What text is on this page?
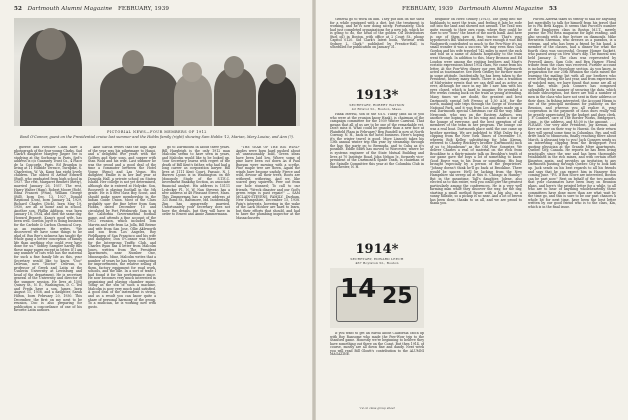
52 Dartmouth Alumni Magazine FEBRUARY, 1939
PICTORIAL NEWS—FOUR MEMBERS OF 1912
Basil O'Connor, guest on the Presidential cruise last summer and the Hobbs family (right) showing Sam Hobbs '12, Marian, Mary Louise, and Ann (?).

guerite and Fletcher Clark have a photograph of the four young Clarks. Sad Clark's daughter Margery Jasper Yee is studying at the Sorbonne in Paris. Sed's address is c/o Guaranty Trust Co., 4 Place de la Concorde, Paris. Ed Bragdon is living at 11 Hillside Terrace, Turnpike, S. Charleston, W. Va. Kang has eight lovely children. The oldest is Arthur Edward (Bud), who graduated from high school in 1937. The rest, Margaret Bennett (Betty), married January 26, 1937. The rest, Harry Walter (Ham), Robert Moore (Bob), Edna Frances (Fran), William George (Bill), born Dec. 13, 1927, Donald Raymond (Don), born January 14, 1929, Richard Charles (Dick), born May 19, 1930, are all at home and in school. Another son, Phillip Addison, was born January 18, 1934, and died the same day. Howard Bennett, Kang's good wife, has been well. Gordon Joyce is doing business for the Carbide & Carbon Chemical Corp. as an engineer. He writes, "We discovered we have some things to be glad of. Bus Bee's sickness has taught the whole gang a better conception of family life than anything else could ever have done for us." Sidney Sampler hardly fills these many pages except in letter. If I am any number of cats who has the material for such a fine family life as this, your Secretary would like to know. "Doc" Delevan, now "Doctor" Delevan, is professor of Greek and Latin at the Cushwin University at Lewisburg and head of the department. He is secretary general of the University and director of the summer session. He lives at 1505 Quincy St., N. E., Washington, D. C. Ted and Freda have a son, James, born August 11, 1938, and a daughter, Sarah Hilton, born February 20, 1930. This December, the first on my next to be reunion, Doc is also preparing for publication a concordance of one of his favorite Latin authors.

Abie Garcia writes that the high light of the year was his pilgrimage to Hanoi, and a delightful five years with the Golfers and their sons, and supper with Stan Wold and his wife. Last summer he was the proud and a good deal of the time a commuter between the Hotel Vogue (Reno) and Las Vegas. His daughter, Emilie is in her last year at Dongola Hall, a private school on Staten Island. Her college is not yet determined, although she is entered at Holyoke. Son, Roosevelt is playing football in the 5th grade. He is a first class Boy Scout, and should make spare membership in the Indian Guide Union. Most of the Class probably saw the fine letter from Sam Hobbs, dated December 10 and circulated by Fort Pittsburgh: Sam is at the California Governmental football game, and attends a fine account of the 1912 reunion, which included Tom Marvin and wife from La Jolla, Bill Beirne and wife from San Jose, Ollie Akleworth and son from Los Angeles, Roy Fieldhagen of San Francisco and his wife and daughter, Don O'Connor was there for the Intergroup Traffic Club, and Charles Ryan has a letter from Malcolm Jones, written from The President Apartments, near Number One, Minneapolis. Mine, Malcolm writes that a number of years he has been contracting for improvements, the relative selling of them, factory equipment for road work, schools, and the like. In a sort of trade I had found it for his performance since. He now becomes very much interested in organizing and playing chamber music. Today as the son of such a machine, Malcolm is now very much paid satisfied. A good deal of the instrument is string, and as a result you can know quite a share of personal harmony of the group. To a musician, he is working now with gusto.

go to Dartmouth in about three years. Bill Hargleigh is the only 1912 man Malcolm seems to have seen in years, and Malcolm would like to be looked up. Your Secretary learns with regret of the death of Bill Kent's father, who had had a long career as corporation lawyer. Bill lives at 1111 Kent Court, Passaic, N. J. Burrow Lyons is in Washington on the Monopoly Study of the S.T.E.C. Investment Banking Section, as associate financial analyst. His address is 15111 Lydecker Pl., N. W. Nan Stevens has a new address at 48 Pleasant Street, Mass. This Zimmerman has a new address at 321 Bond St., Baltimore, Md. Incidentally, Zim has apparently married. Unfortunately your Secretary does not have the details, but they will have in order to Ernest and Annie Zimmermann.

"THE YEAR OF THE BIG WIND" Apples were born hard pushed about us unseasonably bold, Green ideas have been laid low, Where some of pine have been cut down As if Paul Bunyan were mowing with a scythe, Fine maple tree are down, Again the winds have become unduly, Fierce and wild, devour all their trees, Roots are withered, withering, And we, like scared gray squirrels, Peer out from our hole stunned; To call to our friends, "Wreck disaster and our God's green reign is past repair!" — SAM MCLAIN-STEVENS FAMILY. Durham, New Hampshire, December 15, 1938. Pain's interests, hovering in the wake of the Lark Mosher are hard to learn, but their efforts that should, and had to have the plumbing inspector at the Massachusetts

FEBRUARY, 1939 Dartmouth Alumni Magazine 53

General go to work on him. They put him on the shelf for a while equipped with a diet, but the treatment is working, and he is now doing nicely. Fortunately, Click had just completed organizations for a new job, which he is going to do, the head of the golden Oil Distributors (fuel oil) in Boston, with office at 2 Court St., phone Capitol 0120. Sid Clark's latest book, "Retreat with Sydney L. Clark," published by Prentice-Hall, is scheduled for publication on January 31.

1913*
SECRETARY, ROBERT WATSON
42 Bristol St., Boston, Mass.

Hank Merrill, son of the s.s.s. Tubby (and all of you who were at the reunion know Hank), is chairman of the campaign committee for the 1939 Winter Carnival. That means that all of us are to be one of the remarkable vet. Don't miss it. What could be grander than a new face at Plainfield Plaza in February? Ben Rundell is now at North Conway, N. H., back in the hotel business. Here's hoping it's the winter travel is good. More Linscott takes his 13th annual winter trip this year by steamship through the bay, the party go to Bermuda, and to Cuba as it's possible. Eddie Sides has moved to Worcester, where he is systems engineer of the State Mutual Building and lives at 70 Institute Road. John Nelson Jr., formerly vice-president of the Dartmouth Spade Team, is chairman of the Spindle Committee this year at the Columbia Club in Manchester, N. H.

1914*
SECRETARY, EDWARD LEECH
467 Boylston St., Boston
14 25

If you want to get an earful about California catch up with Roy Ransome who made the Pow-Wow trip to the Stanford game. Honestly we're beginning to believe they have something out there on the Coast. But then 1914, of course, mostly are all down fine and dandy. Next week you will read Bill Gloutt's contribution to the ALUMNI MAGAZINE.

'14 on class group sheet

neighbor on Herb Gridley (1913). The gang into the highlands to meet the train, and feeling it late he rode out into the land and showed not around. The Trail was quite enough to their own room, where they could be sure to see "boss" the heart of the north bank. And here is one of them saw a fine tractor. That's your hypothesis's Bill Wadsworth, and sure enough it was Bill Wadsworth contributed so much to the Pow-Wow it's no small wonder it was a success. We may even thus Gail Gordon and his wife traveled 742 miles to meet the rack and told us a name of Atlanta hospitality to the train went through. In addition to this, Mary Bronson and Ed Loudon were among the visiting brothers and Mart's ecstatic expressions about 1914 class, We came from his letter. At the Pow-Wow dinner our own Bill Wadsworth acted as toastmaster. See Herb Gridley for further more in some attitude. Incidentally, he has been taken to the President, history many times. There is also a tradition of Mid-winter events that we can drill and as active as ever, although for once in my life I saw him with his eyes closed, which is hard to imagine. He presided a few weeks coming back on the train as young attending. Many times we are doubt, the greatest and best Dartmouth special left Fresno at 1:30 A.M. for the north, making side trips through the Gorge of Yosemite National Park, and it was from Los Angeles made up a real Dartmouth special Christmas car all the way. Mike Newcomb, who was on the Eastern Airlines, was another one hoping to be his wing and made a tour of the lounge of everyone, and the best operation of all members of the team in her program. The lounge car was a real boat. Dartmouth place until the one came up brother meeting. We are indebted to Whit Duley for a clipping from the New York Times of December 10, wherein Bob Kelley, substituting for John Kieran, referred to Charley Brickley's brother (Dartmouth) inch of us to Moonbeam" as the Old Pine Songster. We deliver Charles a real of material on the rock from Brookline to a thirty-minute talk on Brooklyn's tenth of our game gave the boys a lot of something to know. Good Boyce was to his Dean or something. His bag brought especially by a person of the proprietors. "Johnny doesn't think he'll go back at Brookline. There would be saucer. He'll be lacking from the New Hampshire ski sweep ad at this it. Chicago in Hamby." But in the meantime, Tall's daughter, Jolene, also elected as to this entire, well you could give the greatest particularly among the conferences. He is a very well farming man while they discover the way, for the day, starting a small method figure with a hip also, as a sunny hillside, so a pickup is so near. And a lot of brown has been done, thanks to us all, and we are proud to thank you.

Purcell Alterna takes us swiftly to talk for anything but mercifully to talk for himself from his travel that he is Phi Beta Kappa. It seems that Purcell's number of the Employees class in Boston M.I.T., merely pursue the Phi Beta magazine for light reading, and also seconds with a fine lecture on diamonds. Mike Bernstein Sherman, who dresses as a paradox, is a veteran, and who has been a friend by his hand. A member of the classes, had a dinner for what the fourth class was successful, George Homer Sackett, who passed away on New Year's day. The funeral was held January 3. The class was represented by Preswell Ames, Sam Cole, and Ben Harper. Floral tribute from the class was received. Further account is included in the Necrology section. As you know, in preparation for our 25th Reunion the class raised the learning the mailing list with all our brothers who were living during the last year, and from experiences of watched men, we have found that some are all at the lake, while. Jack Conners has composed splendidly in the manner of securing the data, which include subscription, but there are still a number of men in the class who have not sent in their address or their dues. In fishing interested, the Account Hiram is one of the principal mediums for publicity on the Reunion, and whereas you all realize it, your cooperation in the payment of class dues really will be greatly appreciated by the budget and dues clerk. J. F. Conners, care of The Border Works, Bridgeport, Conn., is the address, and $5.00 is the amount. . . . PLEASE. Our very able President, Jay Kernan, and Kerr are now on their way to Hawaii. On their return they will spend some time in Columbus, Pay. and will drive back to Minnesota, finally reaching there about March. A pleasant trip to you! Jack Conners sends us an interesting clipping from the Bridgeport Post quoting physician at the Grande Mère Apartments, Quebec City, Canada. He reports he has been living practically since the war and has been thoroughly established in the rich mines, and with certain other Kingston again, and provides an invitation to any Dartmouth passing through Quebec City to look him up. Jack sends on his best regards to all his friends and says that he can expect him in Hanover this coming June. "P.S. If Box Score are interested, Boston can be part now." Rest on behalf of the two months that your classmates have been busy on Reunion plans, and here's the printed letter for a while, to all who are to hear of anything wholeheartedly these committees have done more than are what wait by the time go, and this is sure to be our past chances a whole lot for next time, have been the best letter written by our good friend who is to the class, Kin, which is in the final issue.
